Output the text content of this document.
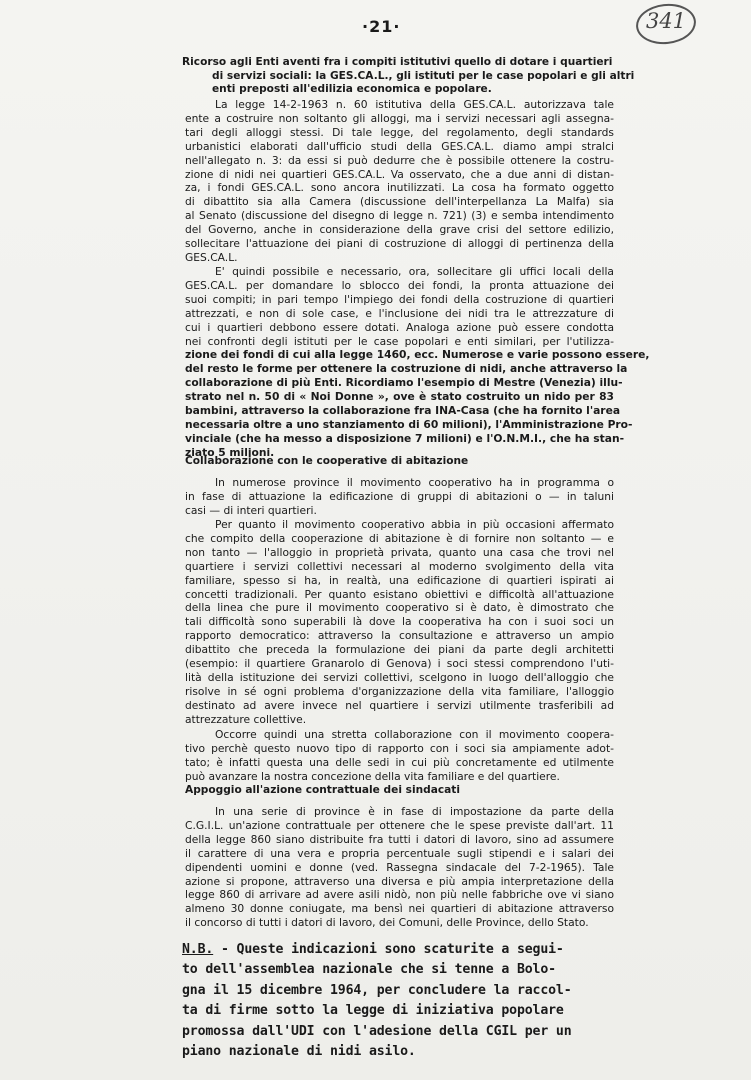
·21·	341
Ricorso agli Enti aventi fra i compiti istitutivi quello di dotare i quartieri
di servizi sociali: la GES.CA.L., gli istituti per le case popolari e gli altri
enti preposti all'edilizia economica e popolare.
La legge 14-2-1963 n. 60 istitutiva della GES.CA.L. autorizzava tale
ente a costruire non soltanto gli alloggi, ma i servizi necessari agli assegna-
tari degli alloggi stessi. Di tale legge, del regolamento, degli standards
urbanistici elaborati dall'ufficio studi della GES.CA.L. diamo ampi stralci
nell'allegato n. 3: da essi si può dedurre che è possibile ottenere la costru-
zione di nidi nei quartieri GES.CA.L. Va osservato, che a due anni di distan-
za, i fondi GES.CA.L. sono ancora inutilizzati. La cosa ha formato oggetto
di dibattito sia alla Camera (discussione dell'interpellanza La Malfa) sia
al Senato (discussione del disegno di legge n. 721) (3) e semba intendimento
del Governo, anche in considerazione della grave crisi del settore edilizio,
sollecitare l'attuazione dei piani di costruzione di alloggi di pertinenza della
GES.CA.L.
E' quindi possibile e necessario, ora, sollecitare gli uffici locali della
GES.CA.L. per domandare lo sblocco dei fondi, la pronta attuazione dei
suoi compiti; in pari tempo l'impiego dei fondi della costruzione di quartieri
attrezzati, e non di sole case, e l'inclusione dei nidi tra le attrezzature di
cui i quartieri debbono essere dotati. Analoga azione può essere condotta
nei confronti degli istituti per le case popolari e enti similari, per l'utilizza-
zione dei fondi di cui alla legge 1460, ecc. Numerose e varie possono essere,
del resto le forme per ottenere la costruzione di nidi, anche attraverso la
collaborazione di più Enti. Ricordiamo l'esempio di Mestre (Venezia) illu-
strato nel n. 50 di « Noi Donne », ove è stato costruito un nido per 83
bambini, attraverso la collaborazione fra INA-Casa (che ha fornito l'area
necessaria oltre a uno stanziamento di 60 milioni), l'Amministrazione Pro-
vinciale (che ha messo a disposizione 7 milioni) e l'O.N.M.I., che ha stan-
ziato 5 milioni.
Collaborazione con le cooperative di abitazione
In numerose province il movimento cooperativo ha in programma o
in fase di attuazione la edificazione di gruppi di abitazioni o — in taluni
casi — di interi quartieri.
Per quanto il movimento cooperativo abbia in più occasioni affermato
che compito della cooperazione di abitazione è di fornire non soltanto — e
non tanto — l'alloggio in proprietà privata, quanto una casa che trovi nel
quartiere i servizi collettivi necessari al moderno svolgimento della vita
familiare, spesso si ha, in realtà, una edificazione di quartieri ispirati ai
concetti tradizionali. Per quanto esistano obiettivi e difficoltà all'attuazione
della linea che pure il movimento cooperativo si è dato, è dimostrato che
tali difficoltà sono superabili là dove la cooperativa ha con i suoi soci un
rapporto democratico: attraverso la consultazione e attraverso un ampio
dibattito che preceda la formulazione dei piani da parte degli architetti
(esempio: il quartiere Granarolo di Genova) i soci stessi comprendono l'uti-
lità della istituzione dei servizi collettivi, scelgono in luogo dell'alloggio che
risolve in sé ogni problema d'organizzazione della vita familiare, l'alloggio
destinato ad avere invece nel quartiere i servizi utilmente trasferibili ad
attrezzature collettive.
Occorre quindi una stretta collaborazione con il movimento coopera-
tivo perchè questo nuovo tipo di rapporto con i soci sia ampiamente adot-
tato; è infatti questa una delle sedi in cui più concretamente ed utilmente
può avanzare la nostra concezione della vita familiare e del quartiere.
Appoggio all'azione contrattuale dei sindacati
In una serie di province è in fase di impostazione da parte della
C.G.I.L. un'azione contrattuale per ottenere che le spese previste dall'art. 11
della legge 860 siano distribuite fra tutti i datori di lavoro, sino ad assumere
il carattere di una vera e propria percentuale sugli stipendi e i salari dei
dipendenti uomini e donne (ved. Rassegna sindacale del 7-2-1965). Tale
azione si propone, attraverso una diversa e più ampia interpretazione della
legge 860 di arrivare ad avere asili nidò, non più nelle fabbriche ove vi siano
almeno 30 donne coniugate, ma bensì nei quartieri di abitazione attraverso
il concorso di tutti i datori di lavoro, dei Comuni, delle Province, dello Stato.
N.B. - Queste indicazioni sono scaturite a segui-
to dell'assemblea nazionale che si tenne a Bolo-
gna il 15 dicembre 1964, per concludere la raccol-
ta di firme sotto la legge di iniziativa popolare
promossa dall'UDI con l'adesione della CGIL per un
piano nazionale di nidi asilo.
